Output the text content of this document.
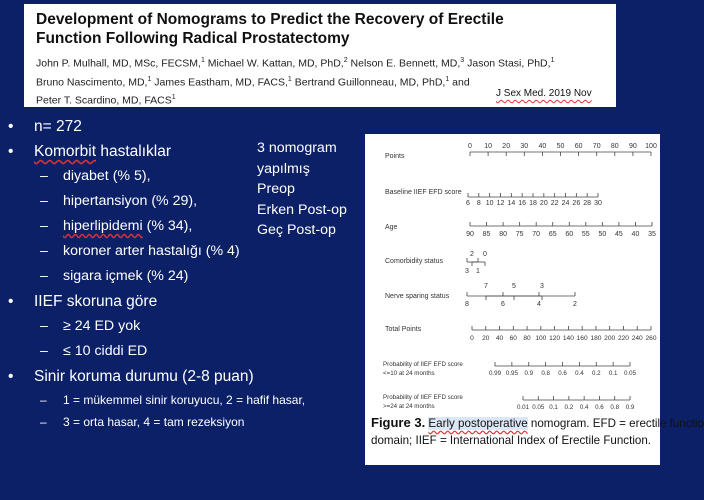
Development of Nomograms to Predict the Recovery of Erectile
Function Following Radical Prostatectomy
John P. Mulhall, MD, MSc, FECSM,$^1$ Michael W. Kattan, MD, PhD,$^2$ Nelson E. Bennett, MD,$^3$ Jason Stasi, PhD,$^1$
Bruno Nascimento, MD,$^1$ James Eastham, MD, FACS,$^1$ Bertrand Guillonneau, MD, PhD,$^1$ and
Peter T. Scardino, MD, FACS$^1$	J Sex Med. 2019 Nov
• n= 272
• Komorbit hastalıklar
– diyabet (% 5),
– hipertansiyon (% 29),
– hiperlipidemi (% 34),
– koroner arter hastalığı (% 4)
– sigara içmek (% 24)
• IIEF skoruna göre
– ≥ 24 ED yok
– ≤ 10 ciddi ED
• Sinir koruma durumu (2-8 puan)
– 1 = mükemmel sinir koruyucu, 2 = hafif hasar,
– 3 = orta hasar, 4 = tam rezeksiyon
3 nomogram
yapılmış
Preop
Erken Post-op
Geç Post-op
Points
Baseline IIEF EFD score
Age
Comorbidity status
Nerve sparing status
Total Points
Probability of IIEF EFD score
<=10 at 24 months
Probability of IIEF EFD score
>=24 at 24 months
0 10 20 30 40 50 60 70 80 90 100
6 8 10 12 14 16 18 20 22 24 26 28 30
90 85 80 75 70 65 60 55 50 45 40 35
2 0
3 1
7	5	3
8	6	4	2
0 20 40 60 80 100 120 140 160 180 200 220 240 260
0.99 0.95 0.9 0.8 0.6 0.4 0.2 0.1 0.05
0.01 0.05 0.1 0.2 0.4 0.6 0.8 0.9
Figure 3. Early postoperative nomogram. EFD = erectile functio
domain; IIEF = International Index of Erectile Function.
